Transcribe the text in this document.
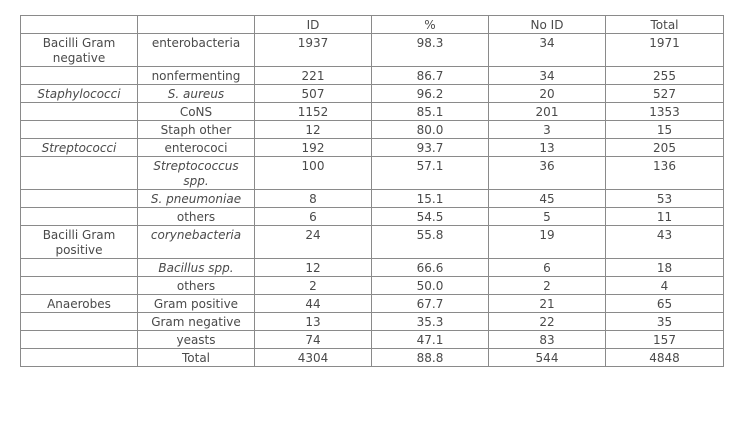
		ID	%	No ID	Total
Bacilli Gram negative	enterobacteria	1937	98.3	34	1971
	nonfermenting	221	86.7	34	255
Staphylococci	S. aureus	507	96.2	20	527
	CoNS	1152	85.1	201	1353
	Staph other	12	80.0	3	15
Streptococci	enterococi	192	93.7	13	205
	Streptococcus spp.	100	57.1	36	136
	S. pneumoniae	8	15.1	45	53
	others	6	54.5	5	11
Bacilli Gram positive	corynebacteria	24	55.8	19	43
	Bacillus spp.	12	66.6	6	18
	others	2	50.0	2	4
Anaerobes	Gram positive	44	67.7	21	65
	Gram negative	13	35.3	22	35
	yeasts	74	47.1	83	157
	Total	4304	88.8	544	4848
